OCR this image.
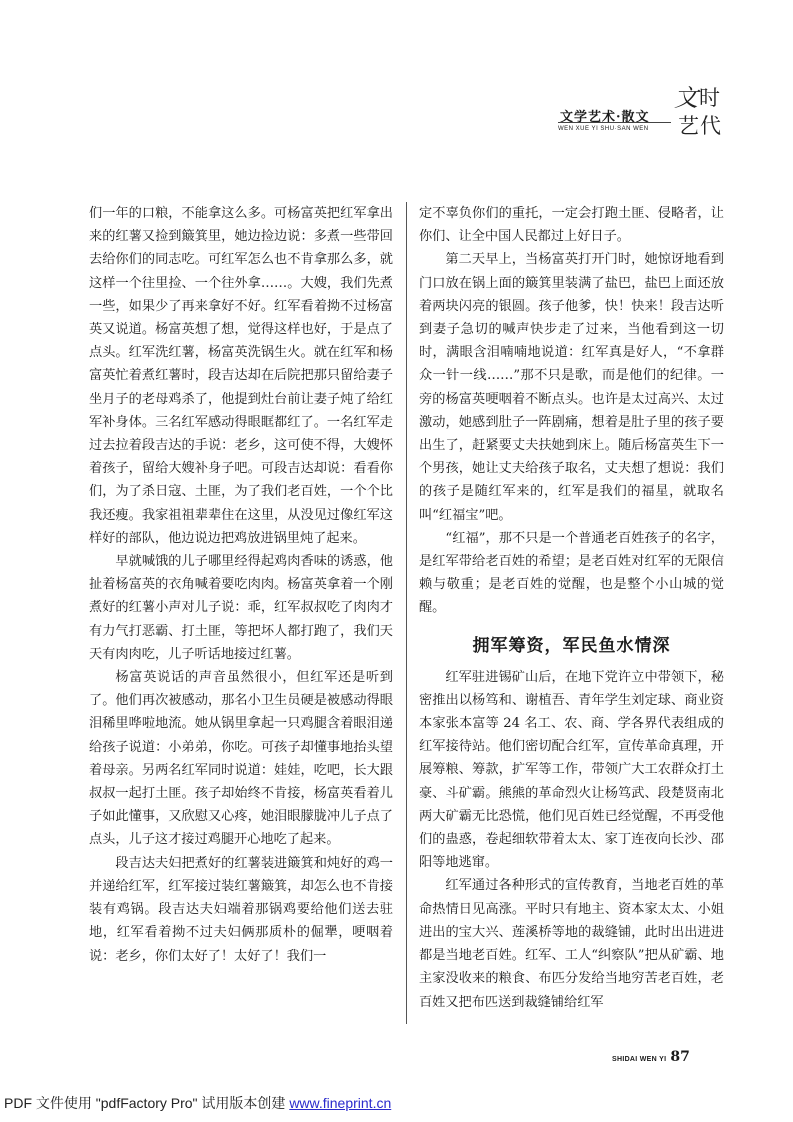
文学艺术·散文
WEN XUE YI SHU·SAN WEN
文 时
艺 代

们一年的口粮，不能拿这么多。可杨富英把红军拿出来的红薯又捡到簸箕里，她边捡边说：多煮一些带回去给你们的同志吃。可红军怎么也不肯拿那么多，就这样一个往里捡、一个往外拿……。大嫂，我们先煮一些，如果少了再来拿好不好。红军看着拗不过杨富英又说道。杨富英想了想，觉得这样也好，于是点了点头。红军洗红薯，杨富英洗锅生火。就在红军和杨富英忙着煮红薯时，段吉达却在后院把那只留给妻子坐月子的老母鸡杀了，他提到灶台前让妻子炖了给红军补身体。三名红军感动得眼眶都红了。一名红军走过去拉着段吉达的手说：老乡，这可使不得，大嫂怀着孩子，留给大嫂补身子吧。可段吉达却说：看看你们，为了杀日寇、土匪，为了我们老百姓，一个个比我还瘦。我家祖祖辈辈住在这里，从没见过像红军这样好的部队，他边说边把鸡放进锅里炖了起来。

早就喊饿的儿子哪里经得起鸡肉香味的诱惑，他扯着杨富英的衣角喊着要吃肉肉。杨富英拿着一个刚煮好的红薯小声对儿子说：乖，红军叔叔吃了肉肉才有力气打恶霸、打土匪，等把坏人都打跑了，我们天天有肉肉吃，儿子听话地接过红薯。

杨富英说话的声音虽然很小，但红军还是听到了。他们再次被感动，那名小卫生员硬是被感动得眼泪稀里哗啦地流。她从锅里拿起一只鸡腿含着眼泪递给孩子说道：小弟弟，你吃。可孩子却懂事地抬头望着母亲。另两名红军同时说道：娃娃，吃吧，长大跟叔叔一起打土匪。孩子却始终不肯接，杨富英看着儿子如此懂事，又欣慰又心疼，她泪眼朦胧冲儿子点了点头，儿子这才接过鸡腿开心地吃了起来。

段吉达夫妇把煮好的红薯装进簸箕和炖好的鸡一并递给红军，红军接过装红薯簸箕，却怎么也不肯接装有鸡锅。段吉达夫妇端着那锅鸡要给他们送去驻地，红军看着拗不过夫妇俩那质朴的倔犟，哽咽着说：老乡，你们太好了！太好了！我们一

定不辜负你们的重托，一定会打跑土匪、侵略者，让你们、让全中国人民都过上好日子。

第二天早上，当杨富英打开门时，她惊讶地看到门口放在锅上面的簸箕里装满了盐巴，盐巴上面还放着两块闪亮的银圆。孩子他爹，快！快来！段吉达听到妻子急切的喊声快步走了过来，当他看到这一切时，满眼含泪喃喃地说道：红军真是好人，“不拿群众一针一线……”那不只是歌，而是他们的纪律。一旁的杨富英哽咽着不断点头。也许是太过高兴、太过激动，她感到肚子一阵剧痛，想着是肚子里的孩子要出生了，赶紧要丈夫扶她到床上。随后杨富英生下一个男孩，她让丈夫给孩子取名，丈夫想了想说：我们的孩子是随红军来的，红军是我们的福星，就取名叫“红福宝”吧。

“红福”，那不只是一个普通老百姓孩子的名字，是红军带给老百姓的希望；是老百姓对红军的无限信赖与敬重；是老百姓的觉醒，也是整个小山城的觉醒。

拥军筹资，军民鱼水情深

红军驻进锡矿山后，在地下党许立中带领下，秘密推出以杨笃和、谢植吾、青年学生刘定球、商业资本家张本富等 24 名工、农、商、学各界代表组成的红军接待站。他们密切配合红军，宣传革命真理，开展筹粮、筹款，扩军等工作，带领广大工农群众打土豪、斗矿霸。熊熊的革命烈火让杨笃武、段楚贤南北两大矿霸无比恐慌，他们见百姓已经觉醒，不再受他们的蛊惑，卷起细软带着太太、家丁连夜向长沙、邵阳等地逃窜。

红军通过各种形式的宣传教育，当地老百姓的革命热情日见高涨。平时只有地主、资本家太太、小姐进出的宝大兴、莲溪桥等地的裁缝铺，此时出出进进都是当地老百姓。红军、工人“纠察队”把从矿霸、地主家没收来的粮食、布匹分发给当地穷苦老百姓，老百姓又把布匹送到裁缝铺给红军

SHIDAI WEN YI 87
PDF 文件使用 "pdfFactory Pro" 试用版本创建 www.fineprint.cn
